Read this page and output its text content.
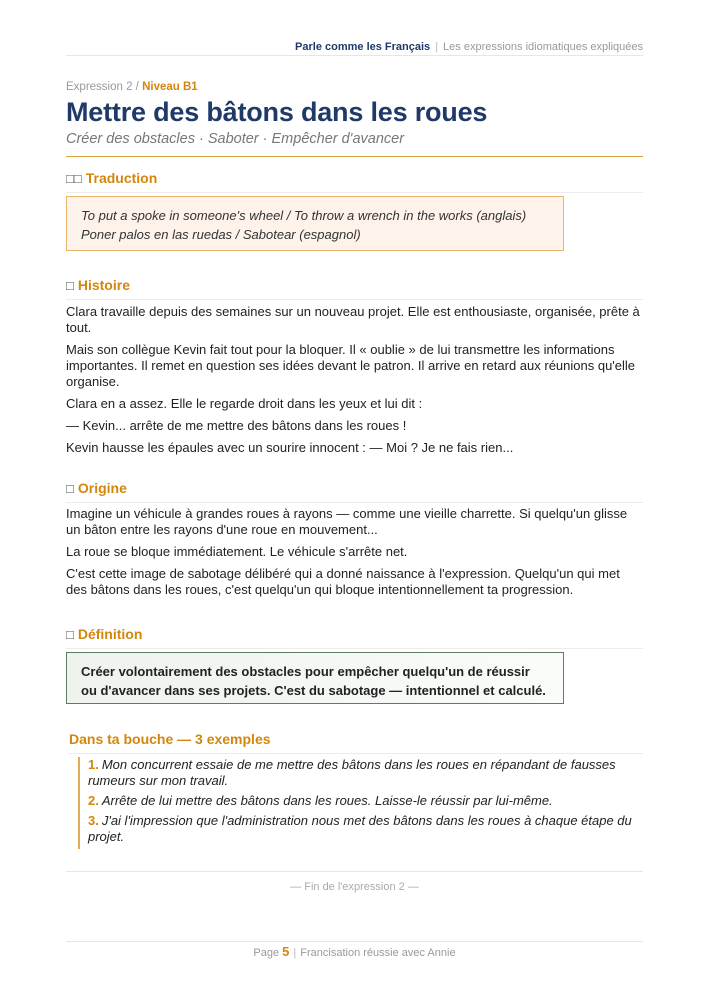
Parle comme les Français | Les expressions idiomatiques expliquées
Expression 2 / Niveau B1
Mettre des bâtons dans les roues
Créer des obstacles · Saboter · Empêcher d'avancer
□□ Traduction
To put a spoke in someone's wheel / To throw a wrench in the works (anglais)
Poner palos en las ruedas / Sabotear (espagnol)
□ Histoire

Clara travaille depuis des semaines sur un nouveau projet. Elle est enthousiaste, organisée, prête à tout.

Mais son collègue Kevin fait tout pour la bloquer. Il « oublie » de lui transmettre les informations importantes. Il remet en question ses idées devant le patron. Il arrive en retard aux réunions qu'elle organise.

Clara en a assez. Elle le regarde droit dans les yeux et lui dit :

— Kevin... arrête de me mettre des bâtons dans les roues !

Kevin hausse les épaules avec un sourire innocent : — Moi ? Je ne fais rien...

□ Origine

Imagine un véhicule à grandes roues à rayons — comme une vieille charrette. Si quelqu'un glisse un bâton entre les rayons d'une roue en mouvement...

La roue se bloque immédiatement. Le véhicule s'arrête net.

C'est cette image de sabotage délibéré qui a donné naissance à l'expression. Quelqu'un qui met des bâtons dans les roues, c'est quelqu'un qui bloque intentionnellement ta progression.

□ Définition
Créer volontairement des obstacles pour empêcher quelqu'un de réussir ou d'avancer dans ses projets. C'est du sabotage — intentionnel et calculé.
Dans ta bouche — 3 exemples
1. Mon concurrent essaie de me mettre des bâtons dans les roues en répandant de fausses rumeurs sur mon travail.
2. Arrête de lui mettre des bâtons dans les roues. Laisse-le réussir par lui-même.
3. J'ai l'impression que l'administration nous met des bâtons dans les roues à chaque étape du projet.
— Fin de l'expression 2 —
Page 5 | Francisation réussie avec Annie
